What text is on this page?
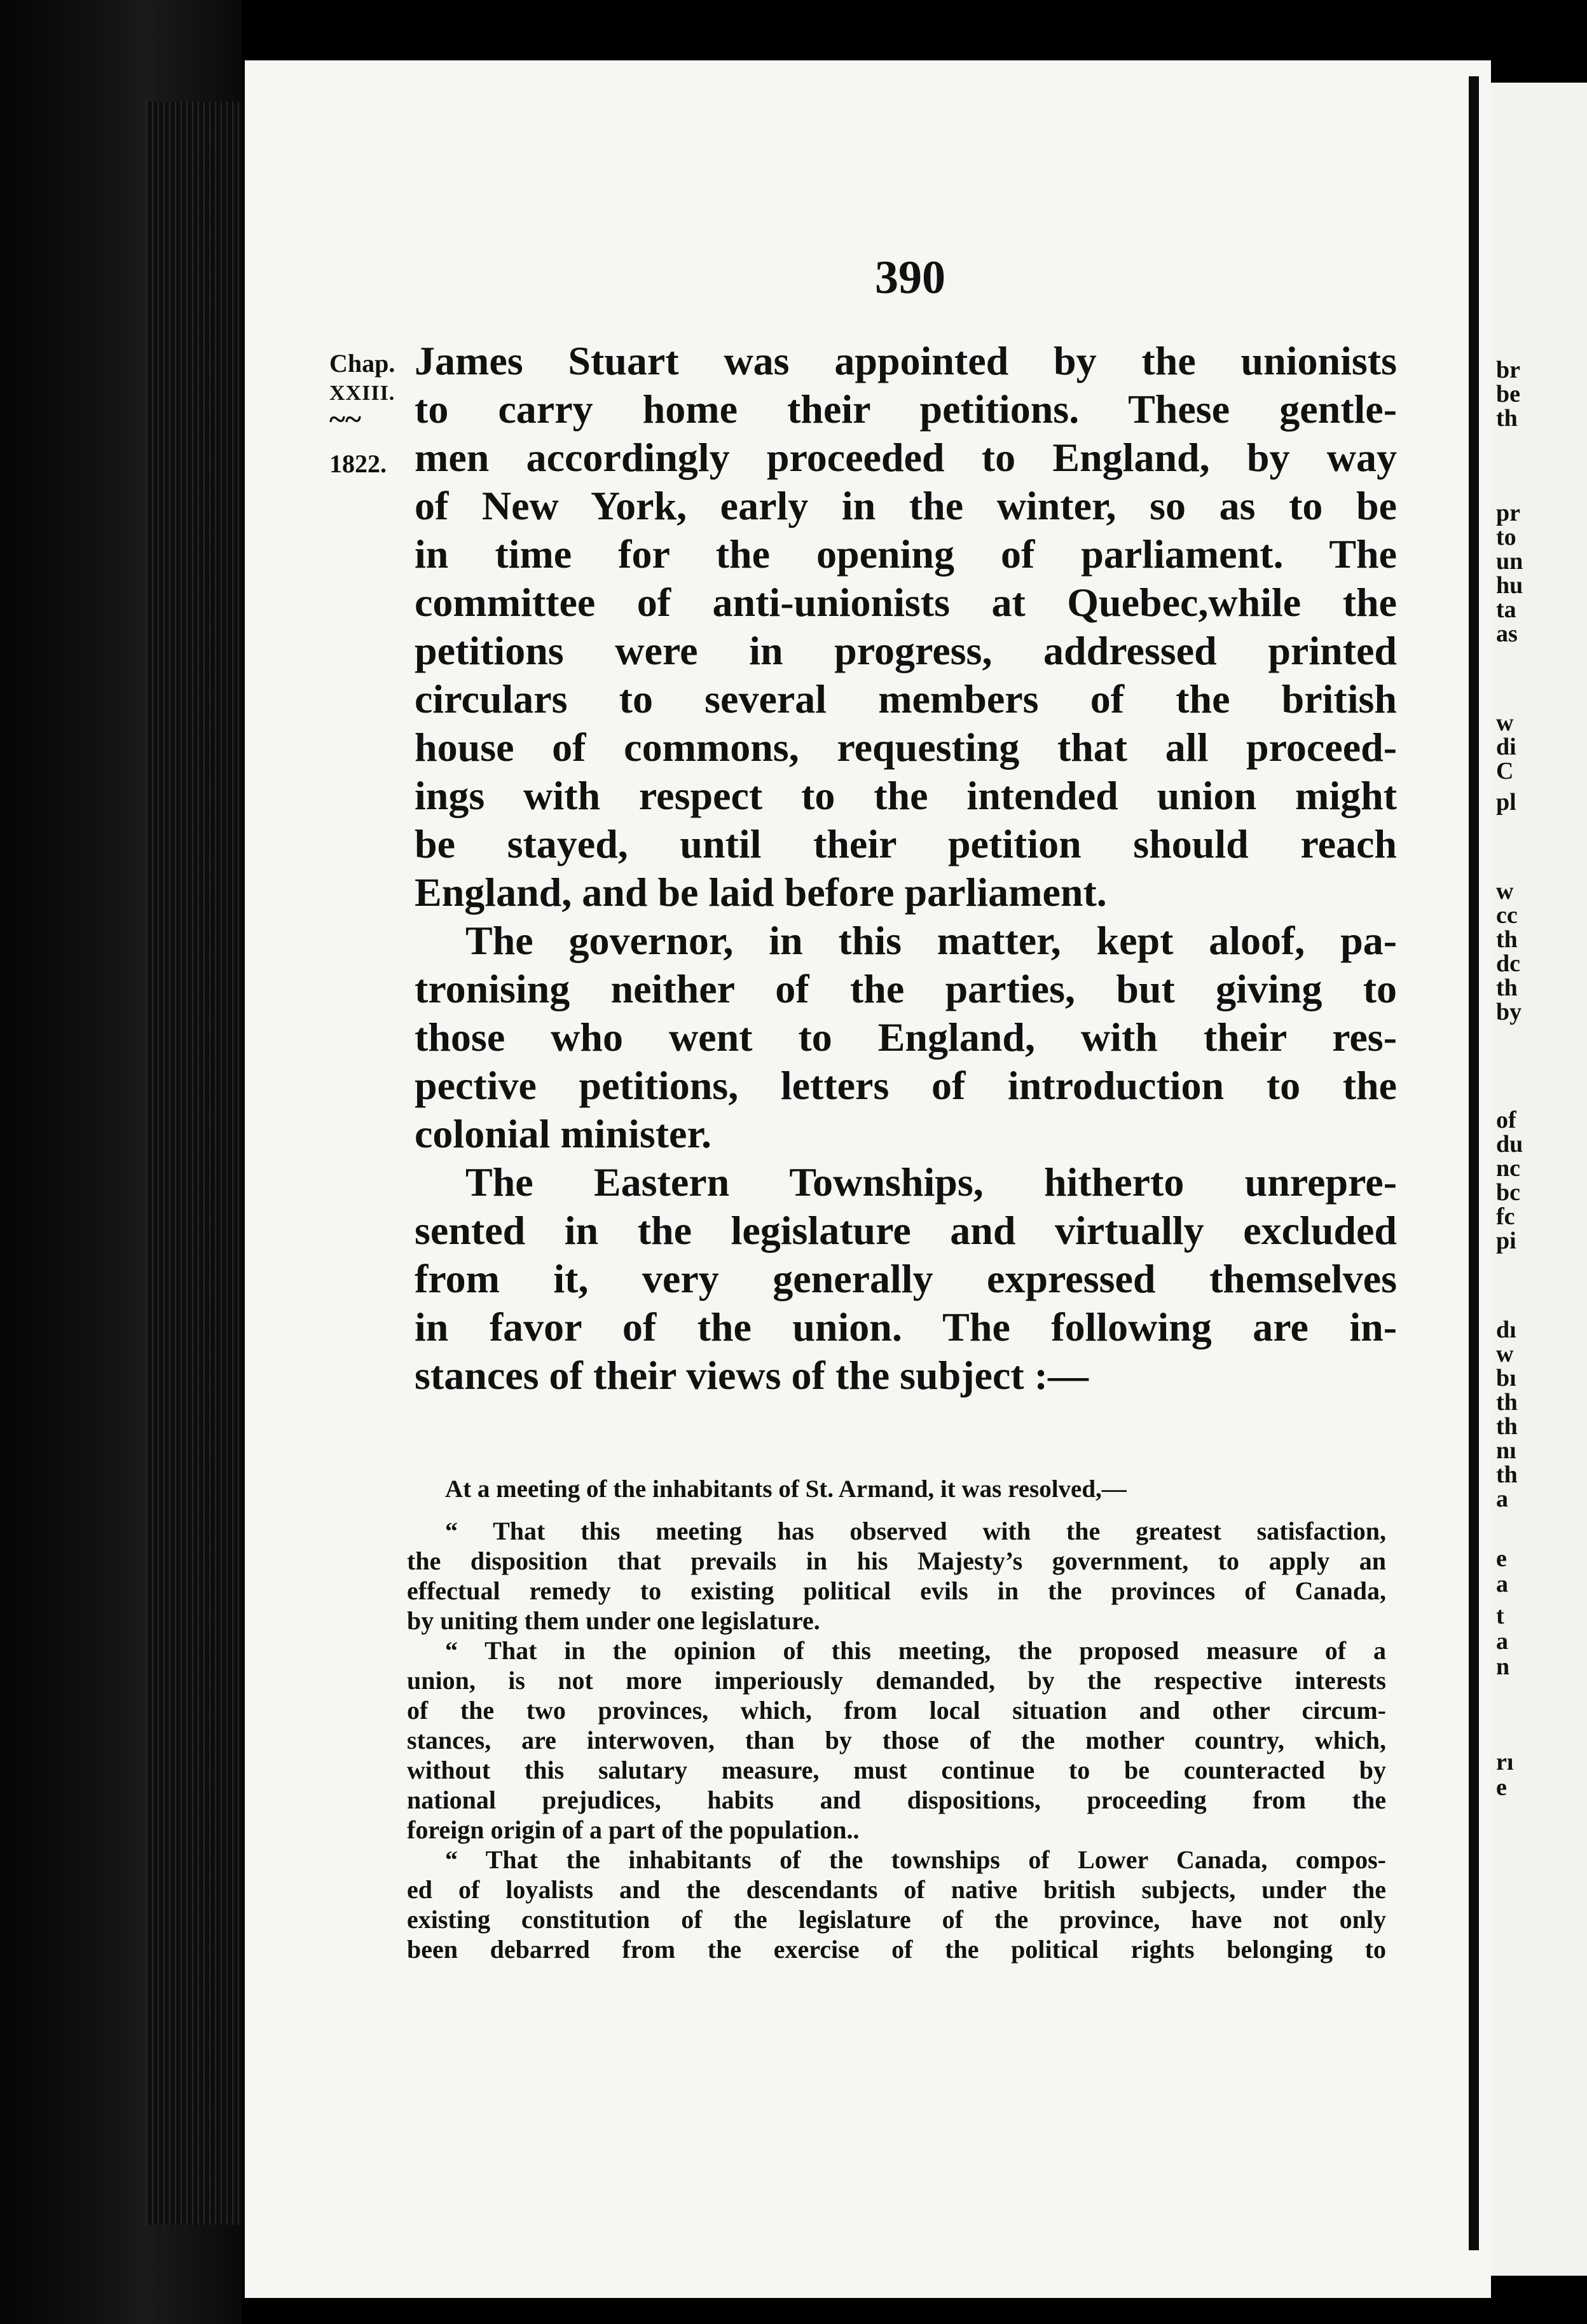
br
be
th
pr
to
un
hu
ta
as
w
di
C
pl
w
cc
th
dc
th
by
of
du
nc
bc
fc
pi
dı
w
bı
th
th
nı
th
a
e
a
t
a
n
rı
e
390
Chap.
XXIII.
~~
1822.
James Stuart was appointed by the unionists
to carry home their petitions. These gentle-
men accordingly proceeded to England, by way
of New York, early in the winter, so as to be
in time for the opening of parliament. The
committee of anti-unionists at Quebec,while the
petitions were in progress, addressed printed
circulars to several members of the british
house of commons, requesting that all proceed-
ings with respect to the intended union might
be stayed, until their petition should reach
England, and be laid before parliament.
The governor, in this matter, kept aloof, pa-
tronising neither of the parties, but giving to
those who went to England, with their res-
pective petitions, letters of introduction to the
colonial minister.
The Eastern Townships, hitherto unrepre-
sented in the legislature and virtually excluded
from it, very generally expressed themselves
in favor of the union. The following are in-
stances of their views of the subject :—
At a meeting of the inhabitants of St. Armand, it was resolved,—
“ That this meeting has observed with the greatest satisfaction,
the disposition that prevails in his Majesty’s government, to apply an
effectual remedy to existing political evils in the provinces of Canada,
by uniting them under one legislature.
“ That in the opinion of this meeting, the proposed measure of a
union, is not more imperiously demanded, by the respective interests
of the two provinces, which, from local situation and other circum-
stances, are interwoven, than by those of the mother country, which,
without this salutary measure, must continue to be counteracted by
national prejudices, habits and dispositions, proceeding from the
foreign origin of a part of the population..
“ That the inhabitants of the townships of Lower Canada, compos-
ed of loyalists and the descendants of native british subjects, under the
existing constitution of the legislature of the province, have not only
been debarred from the exercise of the political rights belonging to
